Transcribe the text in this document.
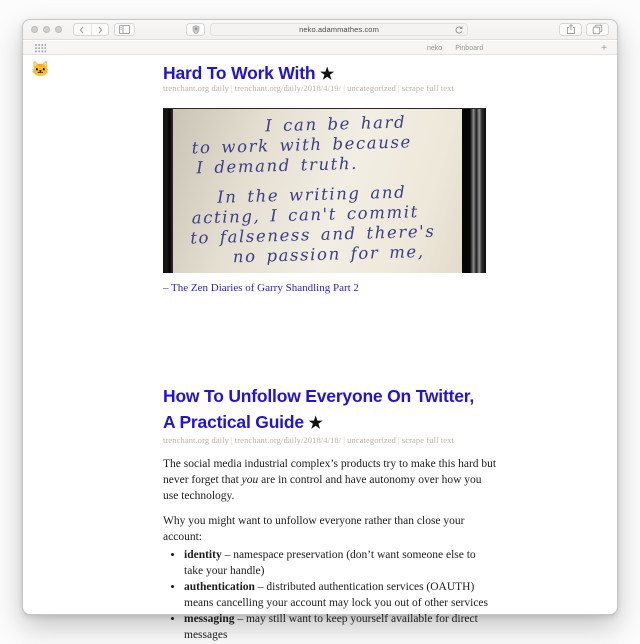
neko.adammathes.com
neko Pinboard	+
🐱	Hard To Work With ★
trenchant.org daily | trenchant.org/daily/2018/4/19/ | uncategorized | scrape full text
I can be hard
to work with because
I demand truth.
In the writing and
acting, I can't commit
to falseness and there's
no passion for me,
– The Zen Diaries of Garry Shandling Part 2
How To Unfollow Everyone On Twitter,
A Practical Guide ★
trenchant.org daily | trenchant.org/daily/2018/4/18/ | uncategorized | scrape full text

The social media industrial complex’s products try to make this hard but never forget that you are in control and have autonomy over how you use technology.

Why you might want to unfollow everyone rather than close your account:

• identity – namespace preservation (don’t want someone else to take your handle)
• authentication – distributed authentication services (OAUTH) means cancelling your account may lock you out of other services
• messaging – may still want to keep yourself available for direct messages
